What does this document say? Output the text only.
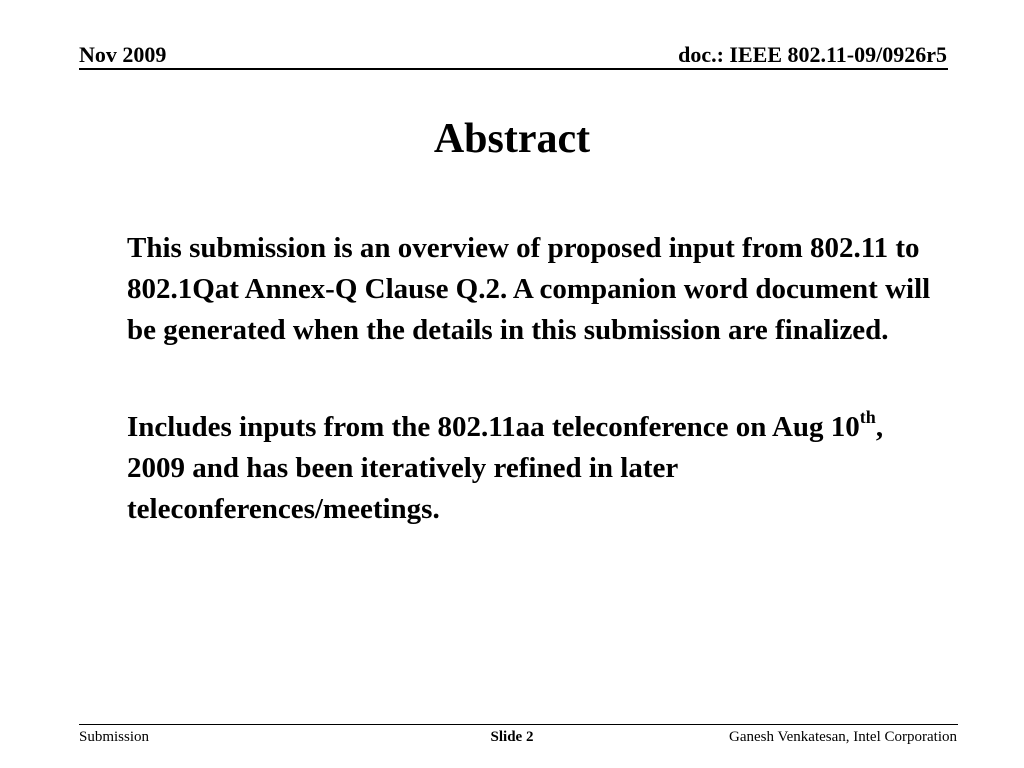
Nov 2009	doc.: IEEE 802.11-09/0926r5
Abstract

This submission is an overview of proposed input from 802.11 to 802.1Qat Annex-Q Clause Q.2. A companion word document will be generated when the details in this submission are finalized.

Includes inputs from the 802.11aa teleconference on Aug 10th, 2009 and has been iteratively refined in later teleconferences/meetings.

Submission	Slide 2	Ganesh Venkatesan, Intel Corporation
